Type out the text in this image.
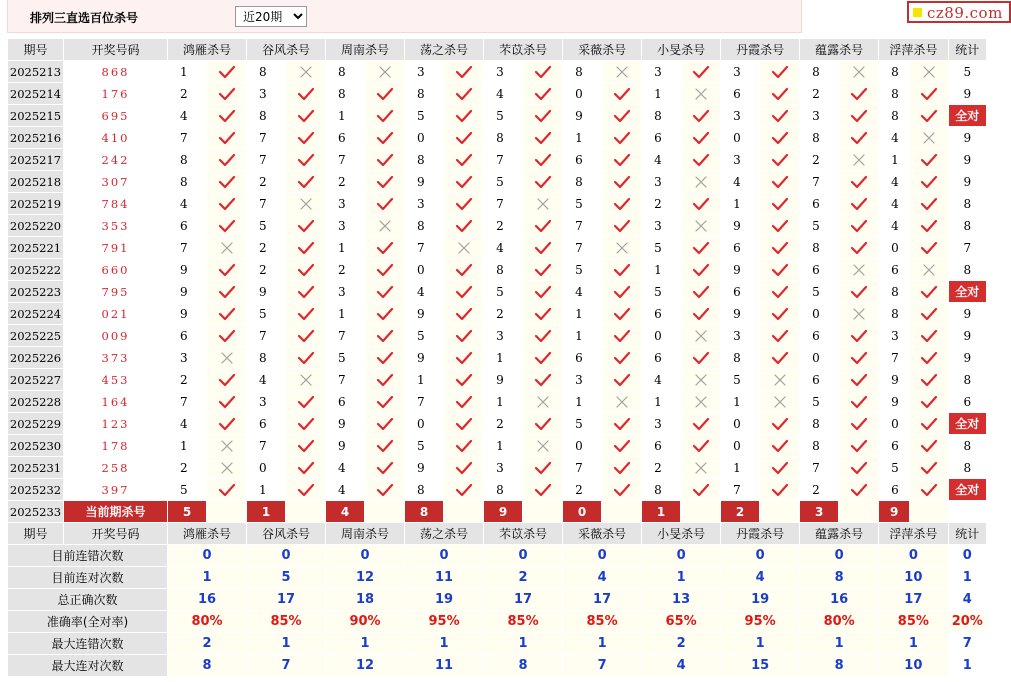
排列三直选百位杀号
近20期	cz89.com
期号	开奖号码	鸿雁杀号		谷风杀号		周南杀号		荡之杀号		芣苡杀号		采薇杀号		小旻杀号		丹霞杀号		蕴露杀号		浮萍杀号		统计
2025213	868	1		8		8		3		3		8		3		3		8		8		5
2025214	176	2		3		8		8		4		0		1		6		2		8		9
2025215	695	4		8		1		5		5		9		8		3		3		8		全对
2025216	410	7		7		6		0		8		1		6		0		8		4		9
2025217	242	8		7		7		8		7		6		4		3		2		1		9
2025218	307	8		2		2		9		5		8		3		4		7		4		9
2025219	784	4		7		3		3		7		5		2		1		6		4		8
2025220	353	6		5		3		8		2		7		3		9		5		4		8
2025221	791	7		2		1		7		4		7		5		6		8		0		7
2025222	660	9		2		2		0		8		5		1		9		6		6		8
2025223	795	9		9		3		4		5		4		5		6		5		8		全对
2025224	021	9		5		1		9		2		1		6		9		0		8		9
2025225	009	6		7		7		5		3		1		0		3		6		3		9
2025226	373	3		8		5		9		1		6		6		8		0		7		9
2025227	453	2		4		7		1		9		3		4		5		6		9		8
2025228	164	7		3		6		7		1		1		1		1		5		9		6
2025229	123	4		6		9		0		2		5		3		0		8		0		全对
2025230	178	1		7		9		5		1		0		6		0		8		6		8
2025231	258	2		0		4		9		3		7		2		1		7		5		8
2025232	397	5		1		4		8		8		2		8		7		2		6		全对
2025233	当前期杀号	5		1		4		8		9		0		1		2		3		9		
期号	开奖号码	鸿雁杀号		谷风杀号		周南杀号		荡之杀号		芣苡杀号		采薇杀号		小旻杀号		丹霞杀号		蕴露杀号		浮萍杀号		统计
目前连错次数		0		0		0		0		0		0		0		0		0		0		0
目前连对次数		1		5		12		11		2		4		1		4		8		10		1
总正确次数		16		17		18		19		17		17		13		19		16		17		4
准确率(全对率)		80%		85%		90%		95%		85%		85%		65%		95%		80%		85%		20%
最大连错次数		2		1		1		1		1		1		2		1		1		1		7
最大连对次数		8		7		12		11		8		7		4		15		8		10		1
